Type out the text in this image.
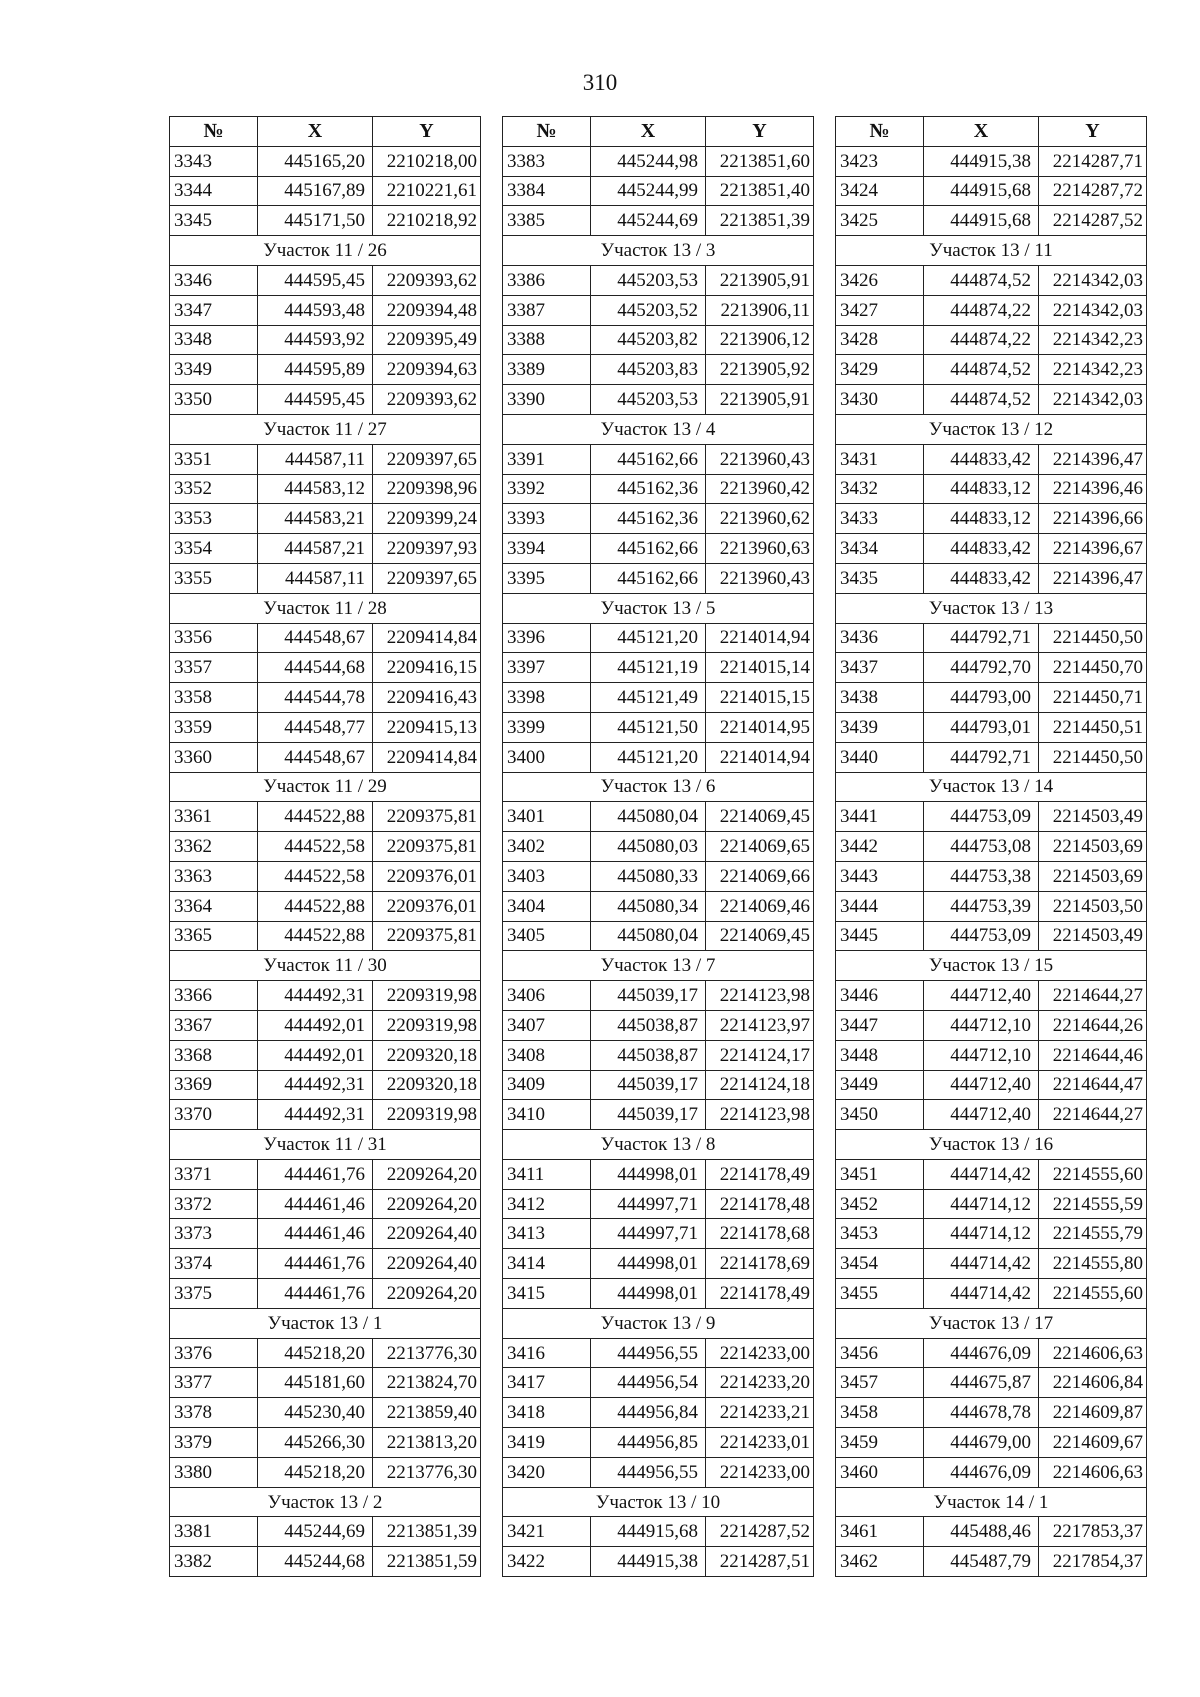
310
№	X	Y
3343	445165,20	2210218,00
3344	445167,89	2210221,61
3345	445171,50	2210218,92
Участок 11 / 26		
3346	444595,45	2209393,62
3347	444593,48	2209394,48
3348	444593,92	2209395,49
3349	444595,89	2209394,63
3350	444595,45	2209393,62
Участок 11 / 27		
3351	444587,11	2209397,65
3352	444583,12	2209398,96
3353	444583,21	2209399,24
3354	444587,21	2209397,93
3355	444587,11	2209397,65
Участок 11 / 28		
3356	444548,67	2209414,84
3357	444544,68	2209416,15
3358	444544,78	2209416,43
3359	444548,77	2209415,13
3360	444548,67	2209414,84
Участок 11 / 29		
3361	444522,88	2209375,81
3362	444522,58	2209375,81
3363	444522,58	2209376,01
3364	444522,88	2209376,01
3365	444522,88	2209375,81
Участок 11 / 30		
3366	444492,31	2209319,98
3367	444492,01	2209319,98
3368	444492,01	2209320,18
3369	444492,31	2209320,18
3370	444492,31	2209319,98
Участок 11 / 31		
3371	444461,76	2209264,20
3372	444461,46	2209264,20
3373	444461,46	2209264,40
3374	444461,76	2209264,40
3375	444461,76	2209264,20
Участок 13 / 1		
3376	445218,20	2213776,30
3377	445181,60	2213824,70
3378	445230,40	2213859,40
3379	445266,30	2213813,20
3380	445218,20	2213776,30
Участок 13 / 2		
3381	445244,69	2213851,39
3382	445244,68	2213851,59
№	X	Y
3383	445244,98	2213851,60
3384	445244,99	2213851,40
3385	445244,69	2213851,39
Участок 13 / 3		
3386	445203,53	2213905,91
3387	445203,52	2213906,11
3388	445203,82	2213906,12
3389	445203,83	2213905,92
3390	445203,53	2213905,91
Участок 13 / 4		
3391	445162,66	2213960,43
3392	445162,36	2213960,42
3393	445162,36	2213960,62
3394	445162,66	2213960,63
3395	445162,66	2213960,43
Участок 13 / 5		
3396	445121,20	2214014,94
3397	445121,19	2214015,14
3398	445121,49	2214015,15
3399	445121,50	2214014,95
3400	445121,20	2214014,94
Участок 13 / 6		
3401	445080,04	2214069,45
3402	445080,03	2214069,65
3403	445080,33	2214069,66
3404	445080,34	2214069,46
3405	445080,04	2214069,45
Участок 13 / 7		
3406	445039,17	2214123,98
3407	445038,87	2214123,97
3408	445038,87	2214124,17
3409	445039,17	2214124,18
3410	445039,17	2214123,98
Участок 13 / 8		
3411	444998,01	2214178,49
3412	444997,71	2214178,48
3413	444997,71	2214178,68
3414	444998,01	2214178,69
3415	444998,01	2214178,49
Участок 13 / 9		
3416	444956,55	2214233,00
3417	444956,54	2214233,20
3418	444956,84	2214233,21
3419	444956,85	2214233,01
3420	444956,55	2214233,00
Участок 13 / 10		
3421	444915,68	2214287,52
3422	444915,38	2214287,51
№	X	Y
3423	444915,38	2214287,71
3424	444915,68	2214287,72
3425	444915,68	2214287,52
Участок 13 / 11		
3426	444874,52	2214342,03
3427	444874,22	2214342,03
3428	444874,22	2214342,23
3429	444874,52	2214342,23
3430	444874,52	2214342,03
Участок 13 / 12		
3431	444833,42	2214396,47
3432	444833,12	2214396,46
3433	444833,12	2214396,66
3434	444833,42	2214396,67
3435	444833,42	2214396,47
Участок 13 / 13		
3436	444792,71	2214450,50
3437	444792,70	2214450,70
3438	444793,00	2214450,71
3439	444793,01	2214450,51
3440	444792,71	2214450,50
Участок 13 / 14		
3441	444753,09	2214503,49
3442	444753,08	2214503,69
3443	444753,38	2214503,69
3444	444753,39	2214503,50
3445	444753,09	2214503,49
Участок 13 / 15		
3446	444712,40	2214644,27
3447	444712,10	2214644,26
3448	444712,10	2214644,46
3449	444712,40	2214644,47
3450	444712,40	2214644,27
Участок 13 / 16		
3451	444714,42	2214555,60
3452	444714,12	2214555,59
3453	444714,12	2214555,79
3454	444714,42	2214555,80
3455	444714,42	2214555,60
Участок 13 / 17		
3456	444676,09	2214606,63
3457	444675,87	2214606,84
3458	444678,78	2214609,87
3459	444679,00	2214609,67
3460	444676,09	2214606,63
Участок 14 / 1		
3461	445488,46	2217853,37
3462	445487,79	2217854,37
